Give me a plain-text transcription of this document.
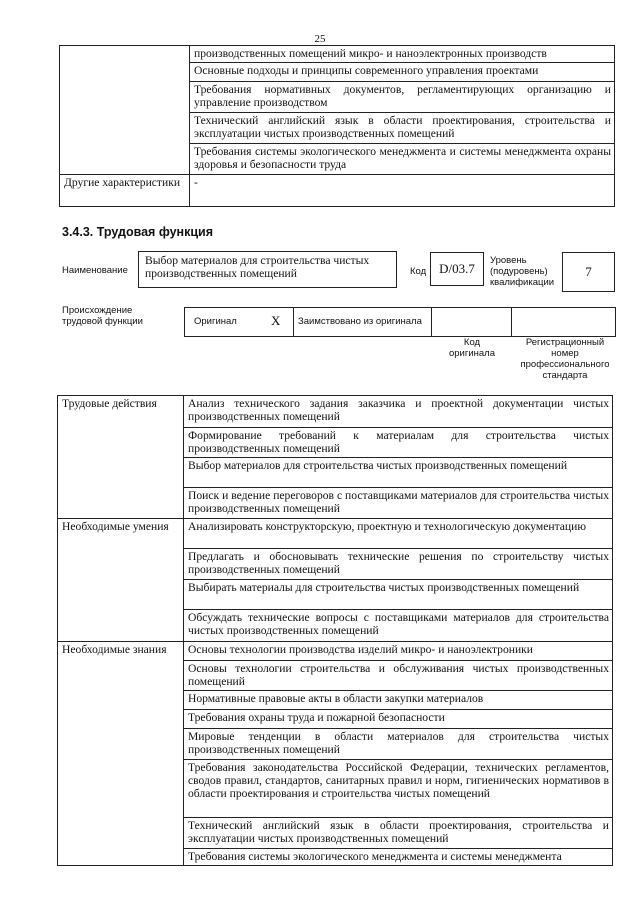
25
	производственных помещений микро- и наноэлектронных производств
	Основные подходы и принципы современного управления проектами
	Требования нормативных документов, регламентирующих организацию и управление производством
	Технический английский язык в области проектирования, строительства и эксплуатации чистых производственных помещений
	Требования системы экологического менеджмента и системы менеджмента охраны здоровья и безопасности труда
Другие характеристики	-
3.4.3. Трудовая функция
Наименование
Выбор материалов для строительства чистых производственных помещений	Код D/03.7
Уровень (подуровень) квалификации
7
Происхождение трудовой функции	Оригинал	X Заимствовано из оригинала
Код оригинала
Регистрационный номер профессионального стандарта
Трудовые действия	Анализ технического задания заказчика и проектной документации чистых производственных помещений
	Формирование требований к материалам для строительства чистых производственных помещений
	Выбор материалов для строительства чистых производственных помещений
	Поиск и ведение переговоров с поставщиками материалов для строительства чистых производственных помещений
Необходимые умения	Анализировать конструкторскую, проектную и технологическую документацию
	Предлагать и обосновывать технические решения по строительству чистых производственных помещений
	Выбирать материалы для строительства чистых производственных помещений
	Обсуждать технические вопросы с поставщиками материалов для строительства чистых производственных помещений
Необходимые знания	Основы технологии производства изделий микро- и наноэлектроники
	Основы технологии строительства и обслуживания чистых производственных помещений
	Нормативные правовые акты в области закупки материалов
	Требования охраны труда и пожарной безопасности
	Мировые тенденции в области материалов для строительства чистых производственных помещений
	Требования законодательства Российской Федерации, технических регламентов, сводов правил, стандартов, санитарных правил и норм, гигиенических нормативов в области проектирования и строительства чистых помещений
	Технический английский язык в области проектирования, строительства и эксплуатации чистых производственных помещений
	Требования системы экологического менеджмента и системы менеджмента
